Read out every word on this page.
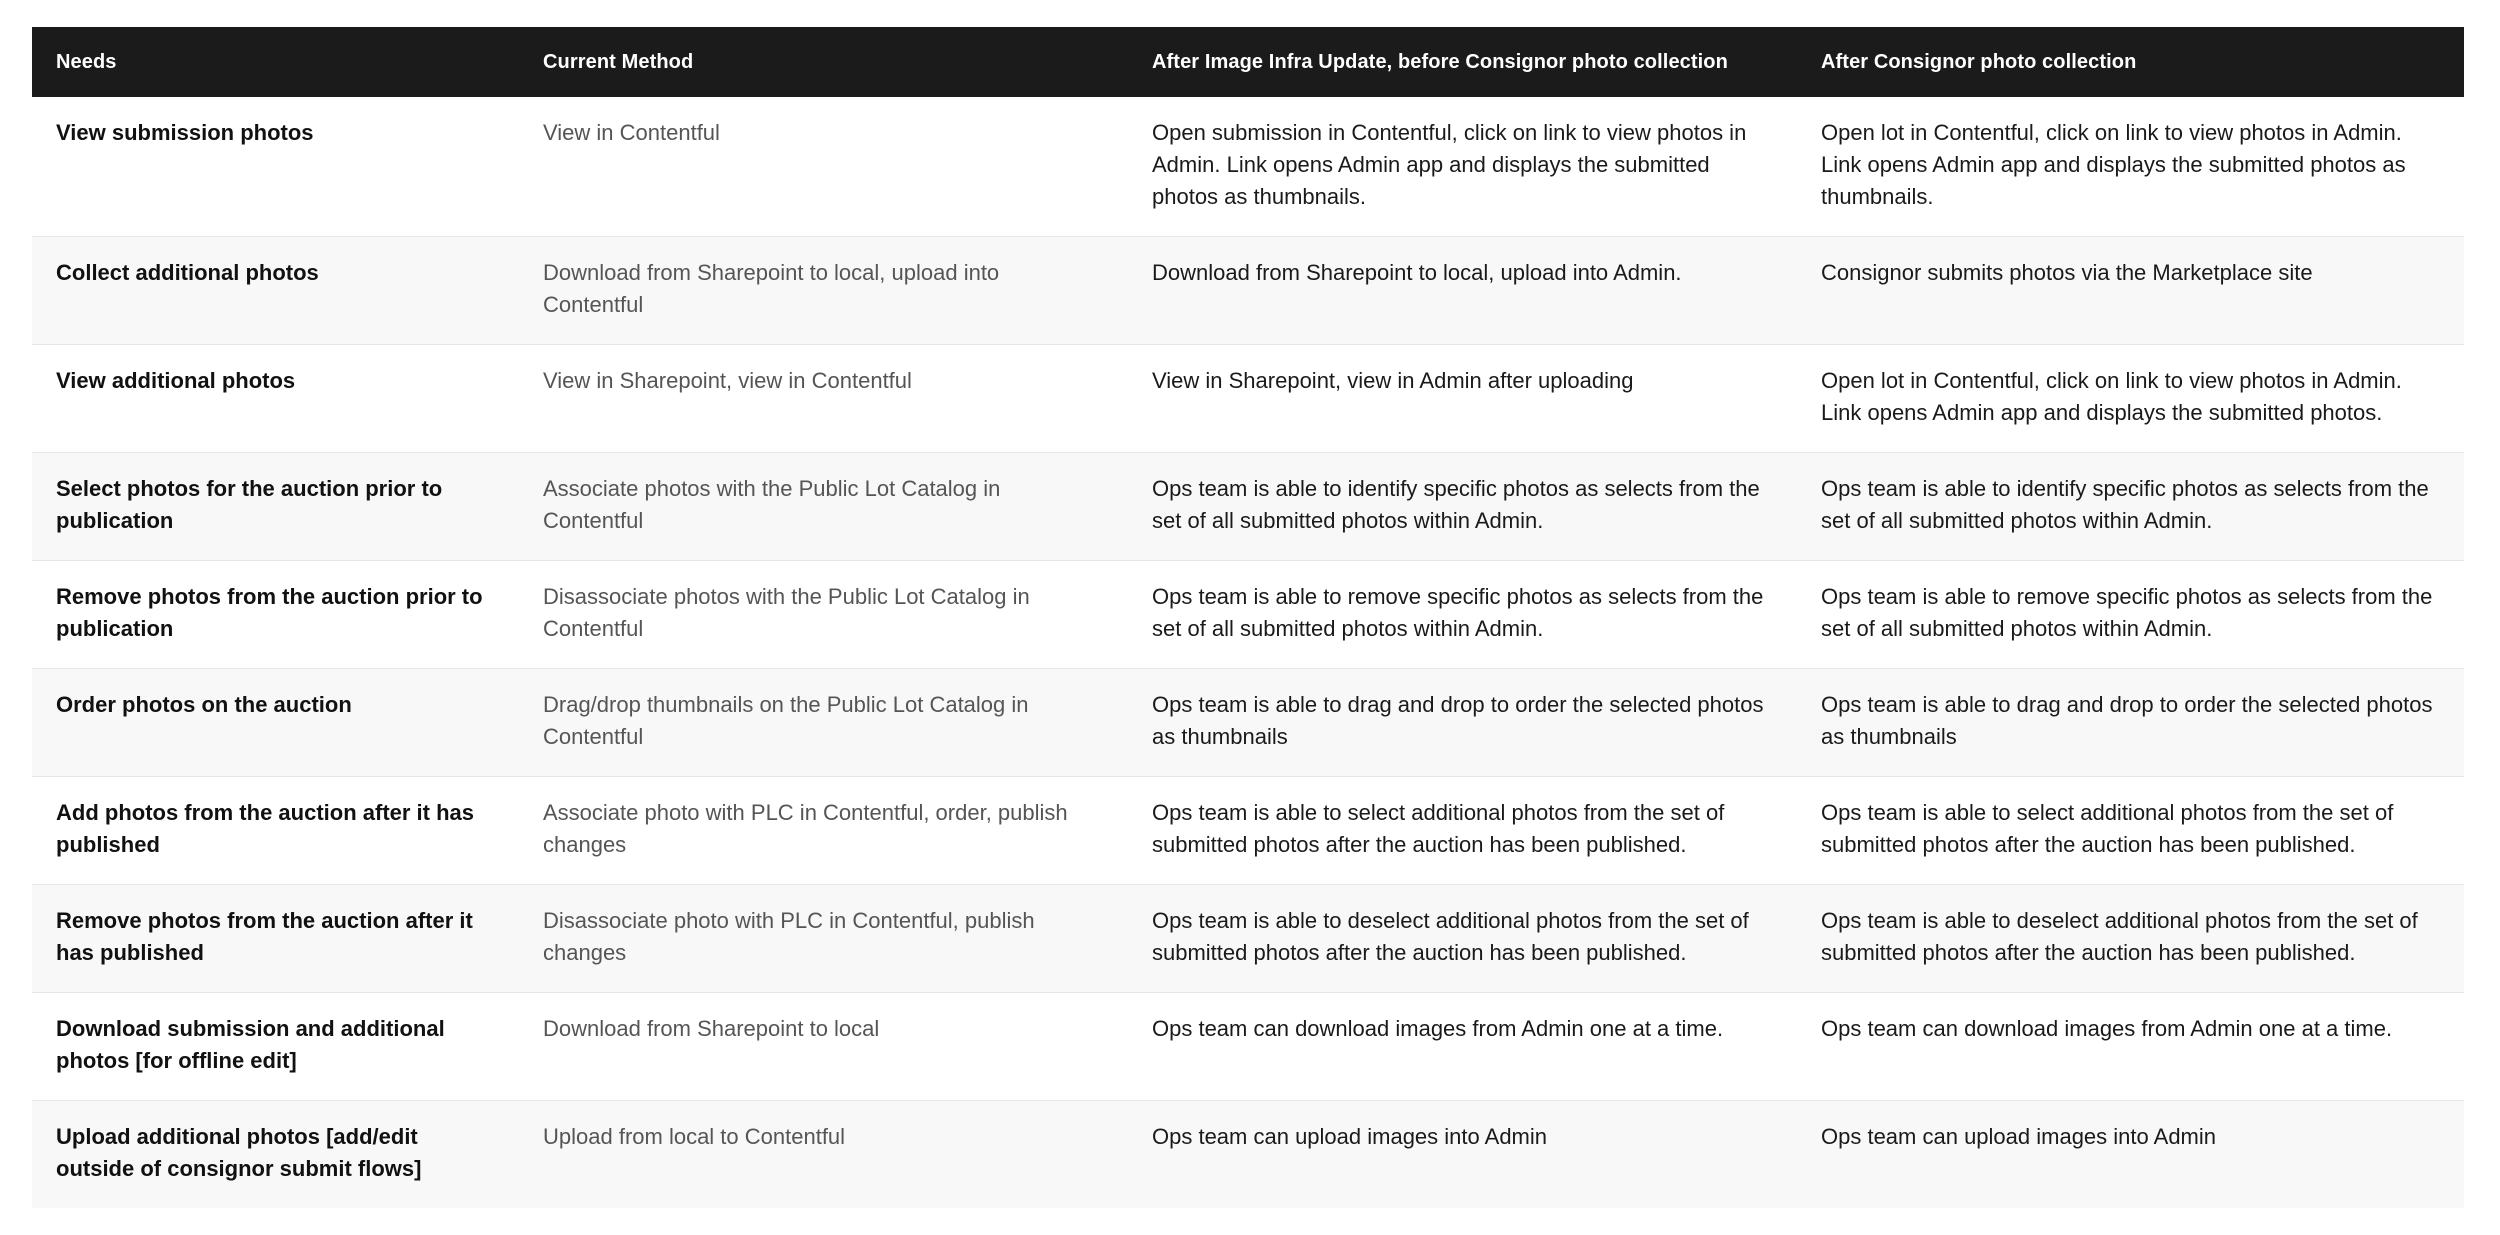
Needs	Current Method	After Image Infra Update, before Consignor photo collection	After Consignor photo collection
View submission photos	View in Contentful	Open submission in Contentful, click on link to view photos in Admin. Link opens Admin app and displays the submitted photos as thumbnails.	Open lot in Contentful, click on link to view photos in Admin. Link opens Admin app and displays the submitted photos as thumbnails.
Collect additional photos	Download from Sharepoint to local, upload into Contentful	Download from Sharepoint to local, upload into Admin.	Consignor submits photos via the Marketplace site
View additional photos	View in Sharepoint, view in Contentful	View in Sharepoint, view in Admin after uploading	Open lot in Contentful, click on link to view photos in Admin. Link opens Admin app and displays the submitted photos.
Select photos for the auction prior to publication	Associate photos with the Public Lot Catalog in Contentful	Ops team is able to identify specific photos as selects from the set of all submitted photos within Admin.	Ops team is able to identify specific photos as selects from the set of all submitted photos within Admin.
Remove photos from the auction prior to publication	Disassociate photos with the Public Lot Catalog in Contentful	Ops team is able to remove specific photos as selects from the set of all submitted photos within Admin.	Ops team is able to remove specific photos as selects from the set of all submitted photos within Admin.
Order photos on the auction	Drag/drop thumbnails on the Public Lot Catalog in Contentful	Ops team is able to drag and drop to order the selected photos as thumbnails	Ops team is able to drag and drop to order the selected photos as thumbnails
Add photos from the auction after it has published	Associate photo with PLC in Contentful, order, publish changes	Ops team is able to select additional photos from the set of submitted photos after the auction has been published.	Ops team is able to select additional photos from the set of submitted photos after the auction has been published.
Remove photos from the auction after it has published	Disassociate photo with PLC in Contentful, publish changes	Ops team is able to deselect additional photos from the set of submitted photos after the auction has been published.	Ops team is able to deselect additional photos from the set of submitted photos after the auction has been published.
Download submission and additional photos [for offline edit]	Download from Sharepoint to local	Ops team can download images from Admin one at a time.	Ops team can download images from Admin one at a time.
Upload additional photos [add/edit outside of consignor submit flows]	Upload from local to Contentful	Ops team can upload images into Admin	Ops team can upload images into Admin
